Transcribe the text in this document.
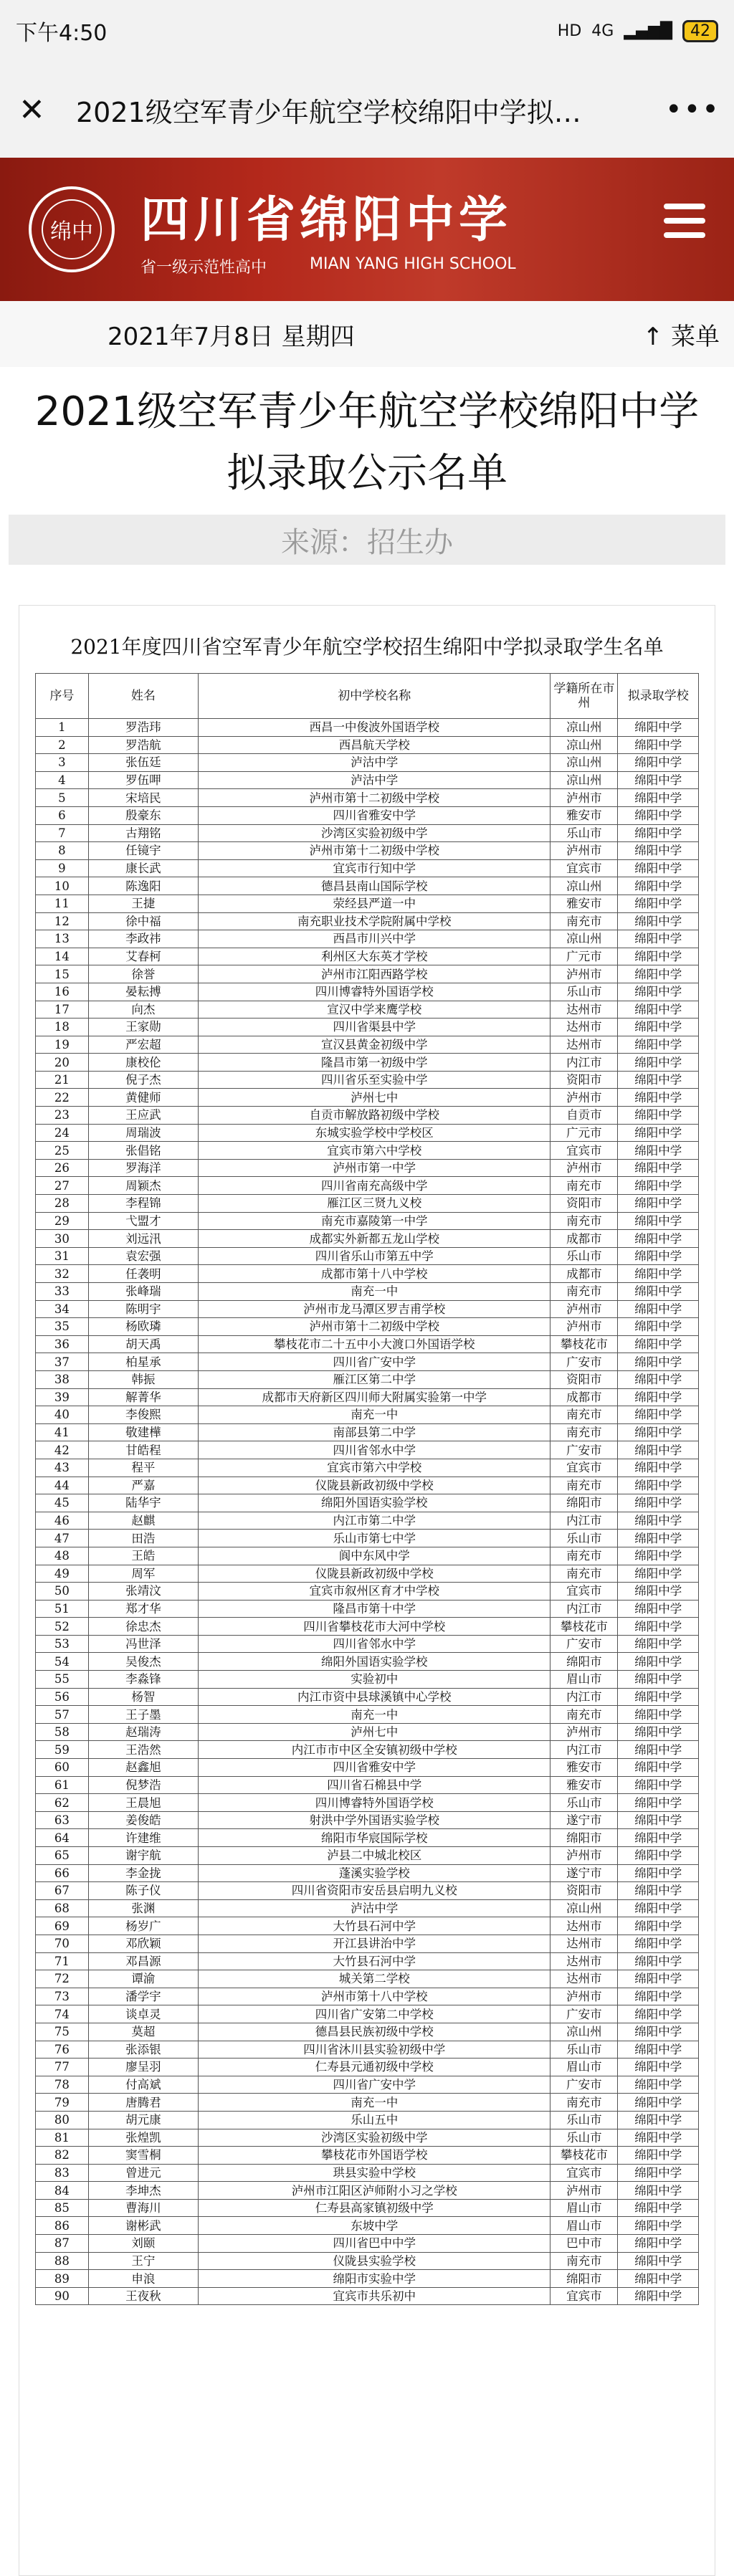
下午4:50	HD 4G ▂▄▆█	42
✕	2021级空军青少年航空学校绵阳中学拟…	•••
绵中 四川省绵阳中学
省一级示范性高中	MIAN YANG HIGH SCHOOL
2021年7月8日 星期四	↑ 菜单
2021级空军青少年航空学校绵阳中学拟录取公示名单
来源：招生办
2021年度四川省空军青少年航空学校招生绵阳中学拟录取学生名单
序号	姓名	初中学校名称	学籍所在市州	拟录取学校
1	罗浩玮	西昌一中俊波外国语学校	凉山州	绵阳中学
2	罗浩航	西昌航天学校	凉山州	绵阳中学
3	张伍廷	泸沽中学	凉山州	绵阳中学
4	罗伍呷	泸沽中学	凉山州	绵阳中学
5	宋培民	泸州市第十二初级中学校	泸州市	绵阳中学
6	殷豪东	四川省雅安中学	雅安市	绵阳中学
7	古翔铭	沙湾区实验初级中学	乐山市	绵阳中学
8	任镜宇	泸州市第十二初级中学校	泸州市	绵阳中学
9	康长武	宜宾市行知中学	宜宾市	绵阳中学
10	陈逸阳	德昌县南山国际学校	凉山州	绵阳中学
11	王捷	荥经县严道一中	雅安市	绵阳中学
12	徐中福	南充职业技术学院附属中学校	南充市	绵阳中学
13	李政祎	西昌市川兴中学	凉山州	绵阳中学
14	艾春柯	利州区大东英才学校	广元市	绵阳中学
15	徐誉	泸州市江阳西路学校	泸州市	绵阳中学
16	晏耘搏	四川博睿特外国语学校	乐山市	绵阳中学
17	向杰	宣汉中学来鹰学校	达州市	绵阳中学
18	王家勋	四川省渠县中学	达州市	绵阳中学
19	严宏超	宣汉县黄金初级中学	达州市	绵阳中学
20	康校伦	隆昌市第一初级中学	内江市	绵阳中学
21	倪子杰	四川省乐至实验中学	资阳市	绵阳中学
22	黄健师	泸州七中	泸州市	绵阳中学
23	王应武	自贡市解放路初级中学校	自贡市	绵阳中学
24	周瑞波	东城实验学校中学校区	广元市	绵阳中学
25	张倡铭	宜宾市第六中学校	宜宾市	绵阳中学
26	罗海洋	泸州市第一中学	泸州市	绵阳中学
27	周颖杰	四川省南充高级中学	南充市	绵阳中学
28	李程锦	雁江区三贤九义校	资阳市	绵阳中学
29	弋盟才	南充市嘉陵第一中学	南充市	绵阳中学
30	刘远汛	成都实外新都五龙山学校	成都市	绵阳中学
31	袁宏强	四川省乐山市第五中学	乐山市	绵阳中学
32	任袭明	成都市第十八中学校	成都市	绵阳中学
33	张峰瑞	南充一中	南充市	绵阳中学
34	陈明宇	泸州市龙马潭区罗吉甫学校	泸州市	绵阳中学
35	杨欧璘	泸州市第十二初级中学校	泸州市	绵阳中学
36	胡天禹	攀枝花市二十五中小大渡口外国语学校	攀枝花市	绵阳中学
37	柏星承	四川省广安中学	广安市	绵阳中学
38	韩振	雁江区第二中学	资阳市	绵阳中学
39	解菁华	成都市天府新区四川师大附属实验第一中学	成都市	绵阳中学
40	李俊熙	南充一中	南充市	绵阳中学
41	敬建樺	南部县第二中学	南充市	绵阳中学
42	甘皓程	四川省邻水中学	广安市	绵阳中学
43	程平	宜宾市第六中学校	宜宾市	绵阳中学
44	严嘉	仪陇县新政初级中学校	南充市	绵阳中学
45	陆华宇	绵阳外国语实验学校	绵阳市	绵阳中学
46	赵麒	内江市第二中学	内江市	绵阳中学
47	田浩	乐山市第七中学	乐山市	绵阳中学
48	王皓	阆中东风中学	南充市	绵阳中学
49	周军	仪陇县新政初级中学校	南充市	绵阳中学
50	张靖汶	宜宾市叙州区育才中学校	宜宾市	绵阳中学
51	郑才华	隆昌市第十中学	内江市	绵阳中学
52	徐忠杰	四川省攀枝花市大河中学校	攀枝花市	绵阳中学
53	冯世泽	四川省邻水中学	广安市	绵阳中学
54	吴俊杰	绵阳外国语实验学校	绵阳市	绵阳中学
55	李淼锋	实验初中	眉山市	绵阳中学
56	杨智	内江市资中县球溪镇中心学校	内江市	绵阳中学
57	王子墨	南充一中	南充市	绵阳中学
58	赵瑞涛	泸州七中	泸州市	绵阳中学
59	王浩然	内江市市中区全安镇初级中学校	内江市	绵阳中学
60	赵鑫旭	四川省雅安中学	雅安市	绵阳中学
61	倪梦浩	四川省石棉县中学	雅安市	绵阳中学
62	王晨旭	四川博睿特外国语学校	乐山市	绵阳中学
63	姜俊皓	射洪中学外国语实验学校	遂宁市	绵阳中学
64	许建维	绵阳市华宸国际学校	绵阳市	绵阳中学
65	谢宇航	泸县二中城北校区	泸州市	绵阳中学
66	李金拢	蓬溪实验学校	遂宁市	绵阳中学
67	陈子仪	四川省资阳市安岳县启明九义校	资阳市	绵阳中学
68	张渊	泸沽中学	凉山州	绵阳中学
69	杨岁广	大竹县石河中学	达州市	绵阳中学
70	邓欣颖	开江县讲治中学	达州市	绵阳中学
71	邓昌源	大竹县石河中学	达州市	绵阳中学
72	谭渝	城关第二学校	达州市	绵阳中学
73	潘学宇	泸州市第十八中学校	泸州市	绵阳中学
74	谈卓灵	四川省广安第二中学校	广安市	绵阳中学
75	莫超	德昌县民族初级中学校	凉山州	绵阳中学
76	张添银	四川省沐川县实验初级中学	乐山市	绵阳中学
77	廖呈羽	仁寿县元通初级中学校	眉山市	绵阳中学
78	付高斌	四川省广安中学	广安市	绵阳中学
79	唐腾君	南充一中	南充市	绵阳中学
80	胡元康	乐山五中	乐山市	绵阳中学
81	张煌凯	沙湾区实验初级中学	乐山市	绵阳中学
82	窦雪桐	攀枝花市外国语学校	攀枝花市	绵阳中学
83	曾进元	珙县实验中学校	宜宾市	绵阳中学
84	李坤杰	泸州市江阳区泸师附小习之学校	泸州市	绵阳中学
85	曹海川	仁寿县高家镇初级中学	眉山市	绵阳中学
86	谢彬武	东坡中学	眉山市	绵阳中学
87	刘颐	四川省巴中中学	巴中市	绵阳中学
88	王宁	仪陇县实验学校	南充市	绵阳中学
89	申浪	绵阳市实验中学	绵阳市	绵阳中学
90	王夜秋	宜宾市共乐初中	宜宾市	绵阳中学
